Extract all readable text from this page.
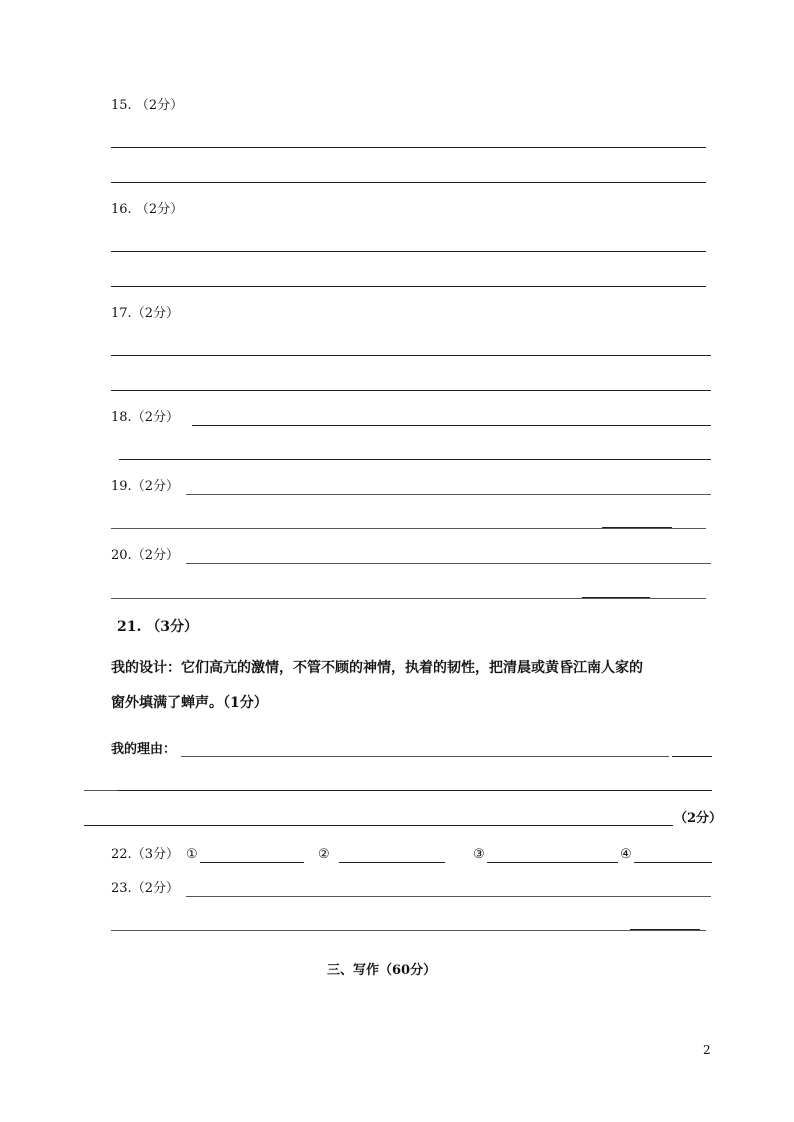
15. （2分）
16. （2分）
17.（2分）
18.（2分）
19.（2分）
20.（2分）
21. （3分）
我的设计：它们高亢的激情，不管不顾的神情，执着的韧性，把清晨或黄昏江南人家的
窗外填满了蝉声。（1分）
我的理由：
（2分）
22.（3分） ①	②	③	④
23.（2分）
三、写作（60分）
2
